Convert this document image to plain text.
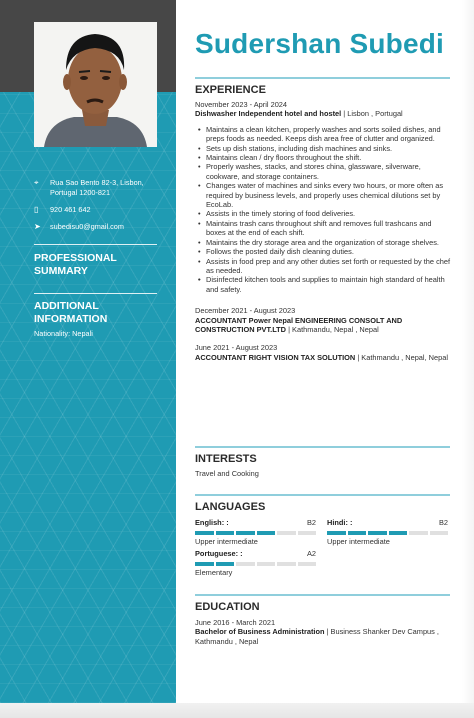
⌖	Rua Sao Bento 82-3, Lisbon, Portugal 1200-821
▯	920 461 642
➤	subedisu0@gmail.com
PROFESSIONAL SUMMARY
ADDITIONAL INFORMATION
Nationality: Nepali
Sudershan Subedi
EXPERIENCE
November 2023 - April 2024
Dishwasher Independent hotel and hostel | Lisbon , Portugal
• Maintains a clean kitchen, properly washes and sorts soiled dishes, and preps foods as needed. Keeps dish area free of clutter and organized.
• Sets up dish stations, including dish machines and sinks.
• Maintains clean / dry floors throughout the shift.
• Properly washes, stacks, and stores china, glassware, silverware, cookware, and storage containers.
• Changes water of machines and sinks every two hours, or more often as required by business levels, and properly uses chemical dilutions set by EcoLab.
• Assists in the timely storing of food deliveries.
• Maintains trash cans throughout shift and removes full trashcans and boxes at the end of each shift.
• Maintains the dry storage area and the organization of storage shelves.
• Follows the posted daily dish cleaning duties.
• Assists in food prep and any other duties set forth or requested by the chef as needed.
• Disinfected kitchen tools and supplies to maintain high standard of health and safety.
December 2021 - August 2023
ACCOUNTANT Power Nepal ENGINEERING CONSOLT AND CONSTRUCTION PVT.LTD | Kathmandu, Nepal , Nepal
June 2021 - August 2023
ACCOUNTANT RIGHT VISION TAX SOLUTION | Kathmandu , Nepal, Nepal
INTERESTS
Travel and Cooking
LANGUAGES
English: :	B2
Upper intermediate
Hindi: :	B2
Upper intermediate
Portuguese: :	A2
Elementary
EDUCATION
June 2016 - March 2021
Bachelor of Business Administration | Business Shanker Dev Campus , Kathmandu , Nepal
